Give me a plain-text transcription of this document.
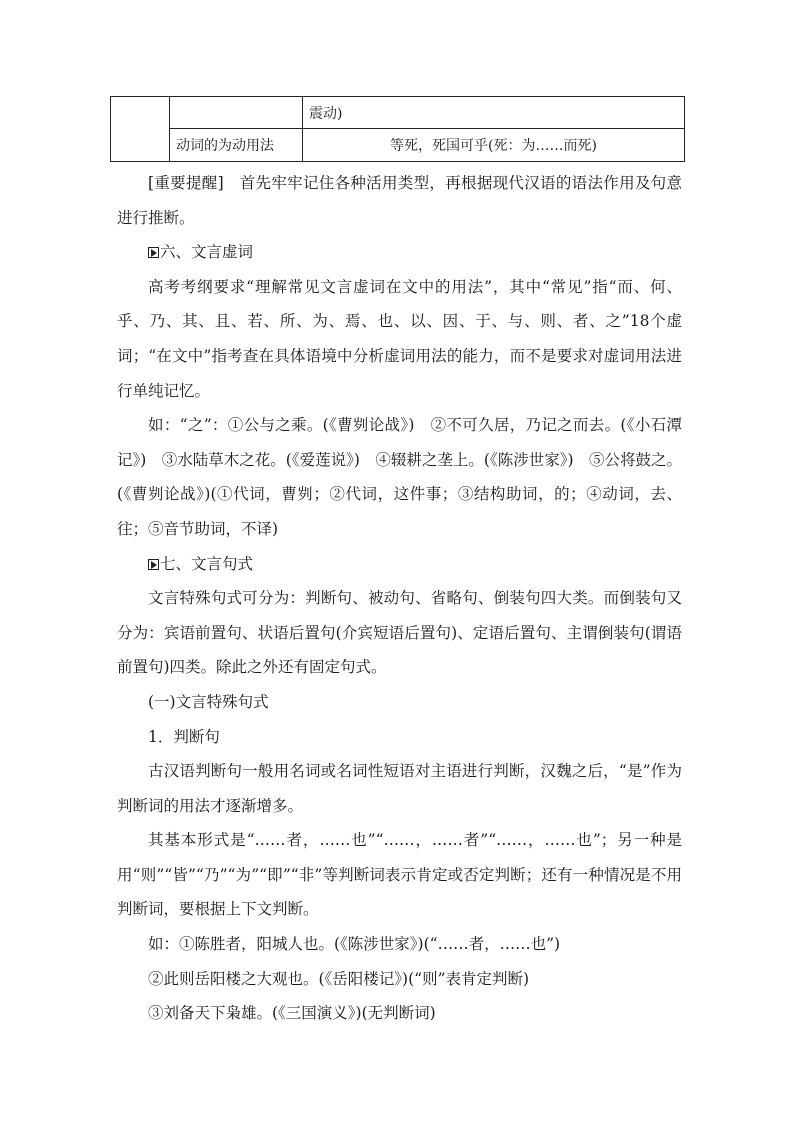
		震动)
	动词的为动用法	等死，死国可乎(死：为……而死)

[重要提醒]　首先牢牢记住各种活用类型，再根据现代汉语的语法作用及句意进行推断。

六、文言虚词

高考考纲要求“理解常见文言虚词在文中的用法”，其中“常见”指“而、何、乎、乃、其、且、若、所、为、焉、也、以、因、于、与、则、者、之”18个虚词；“在文中”指考查在具体语境中分析虚词用法的能力，而不是要求对虚词用法进行单纯记忆。

如：“之”：①公与之乘。(《曹刿论战》)　②不可久居，乃记之而去。(《小石潭记》)　③水陆草木之花。(《爱莲说》)　④辍耕之垄上。(《陈涉世家》)　⑤公将鼓之。(《曹刿论战》)(①代词，曹刿；②代词，这件事；③结构助词，的；④动词，去、往；⑤音节助词，不译)

七、文言句式

文言特殊句式可分为：判断句、被动句、省略句、倒装句四大类。而倒装句又分为：宾语前置句、状语后置句(介宾短语后置句)、定语后置句、主谓倒装句(谓语前置句)四类。除此之外还有固定句式。

(一)文言特殊句式

1．判断句

古汉语判断句一般用名词或名词性短语对主语进行判断，汉魏之后，“是”作为判断词的用法才逐渐增多。

其基本形式是“……者，……也”“……，……者”“……，……也”；另一种是用“则”“皆”“乃”“为”“即”“非”等判断词表示肯定或否定判断；还有一种情况是不用判断词，要根据上下文判断。

如：①陈胜者，阳城人也。(《陈涉世家》)(“……者，……也”)

②此则岳阳楼之大观也。(《岳阳楼记》)(“则”表肯定判断)

③刘备天下枭雄。(《三国演义》)(无判断词)
